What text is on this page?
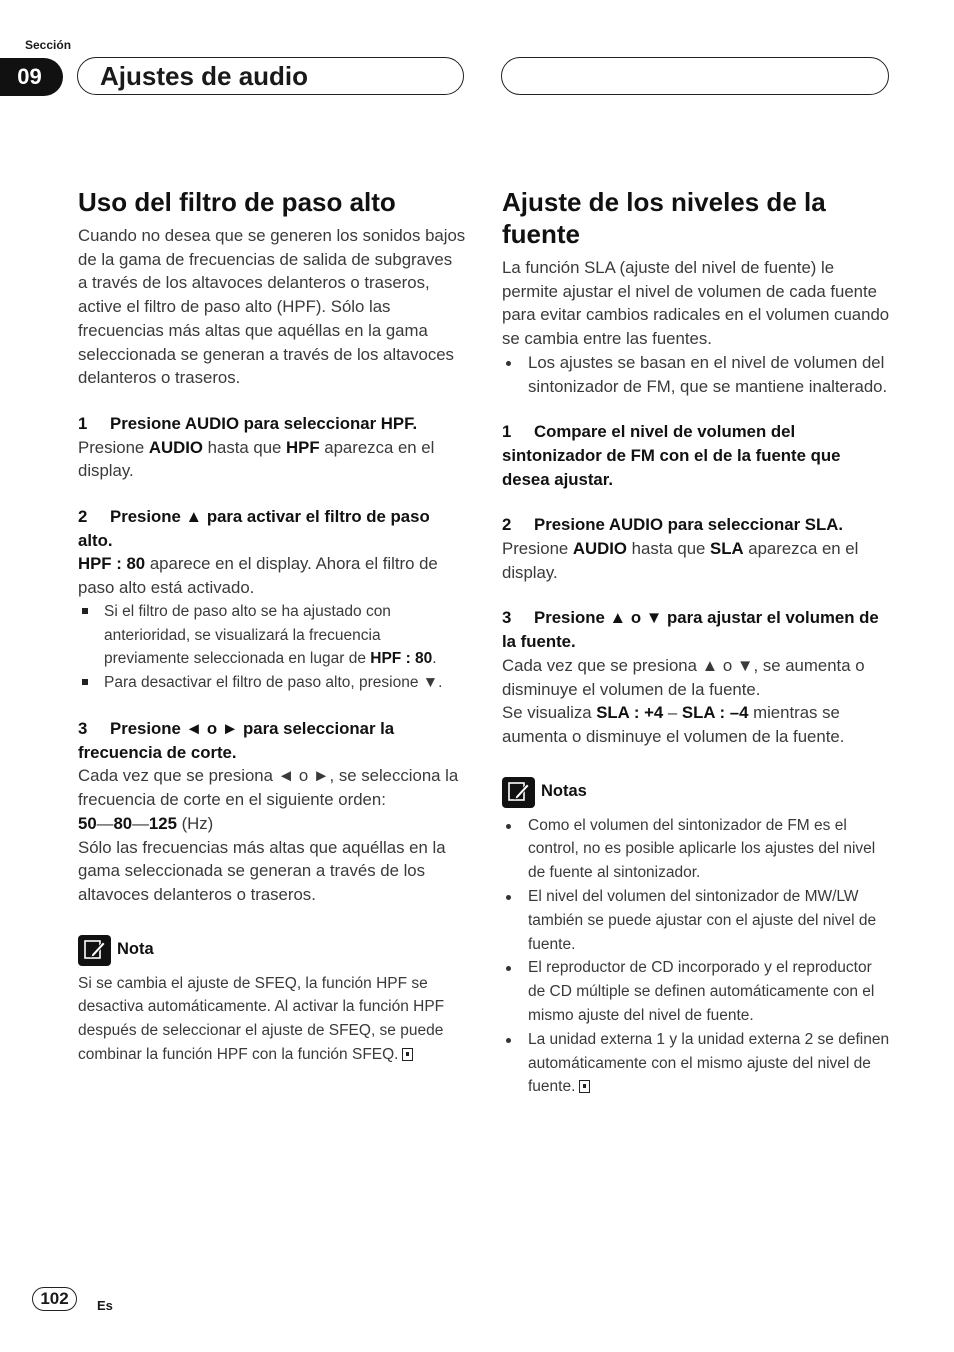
Sección
09	Ajustes de audio
Uso del filtro de paso alto

Cuando no desea que se generen los sonidos bajos de la gama de frecuencias de salida de subgraves a través de los altavoces delanteros o traseros, active el filtro de paso alto (HPF). Sólo las frecuencias más altas que aquéllas en la gama seleccionada se generan a través de los altavoces delanteros o traseros.

1 Presione AUDIO para seleccionar HPF.

Presione AUDIO hasta que HPF aparezca en el display.

2 Presione ▲ para activar el filtro de paso alto.

HPF : 80 aparece en el display. Ahora el filtro de paso alto está activado.

Si el filtro de paso alto se ha ajustado con anterioridad, se visualizará la frecuencia previamente seleccionada en lugar de HPF : 80.
Para desactivar el filtro de paso alto, presione ▼.

3 Presione ◄ o ► para seleccionar la frecuencia de corte.

Cada vez que se presiona ◄ o ►, se selecciona la frecuencia de corte en el siguiente orden:

50—80—125 (Hz)

Sólo las frecuencias más altas que aquéllas en la gama seleccionada se generan a través de los altavoces delanteros o traseros.

Nota

Si se cambia el ajuste de SFEQ, la función HPF se desactiva automáticamente. Al activar la función HPF después de seleccionar el ajuste de SFEQ, se puede combinar la función HPF con la función SFEQ.

Ajuste de los niveles de la fuente

La función SLA (ajuste del nivel de fuente) le permite ajustar el nivel de volumen de cada fuente para evitar cambios radicales en el volumen cuando se cambia entre las fuentes.

Los ajustes se basan en el nivel de volumen del sintonizador de FM, que se mantiene inalterado.

1 Compare el nivel de volumen del sintonizador de FM con el de la fuente que desea ajustar.

2 Presione AUDIO para seleccionar SLA.

Presione AUDIO hasta que SLA aparezca en el display.

3 Presione ▲ o ▼ para ajustar el volumen de la fuente.

Cada vez que se presiona ▲ o ▼, se aumenta o disminuye el volumen de la fuente.

Se visualiza SLA : +4 – SLA : –4 mientras se aumenta o disminuye el volumen de la fuente.

Notas
Como el volumen del sintonizador de FM es el control, no es posible aplicarle los ajustes del nivel de fuente al sintonizador.
El nivel del volumen del sintonizador de MW/LW también se puede ajustar con el ajuste del nivel de fuente.
El reproductor de CD incorporado y el reproductor de CD múltiple se definen automáticamente con el mismo ajuste del nivel de fuente.
La unidad externa 1 y la unidad externa 2 se definen automáticamente con el mismo ajuste del nivel de fuente.
102	Es
